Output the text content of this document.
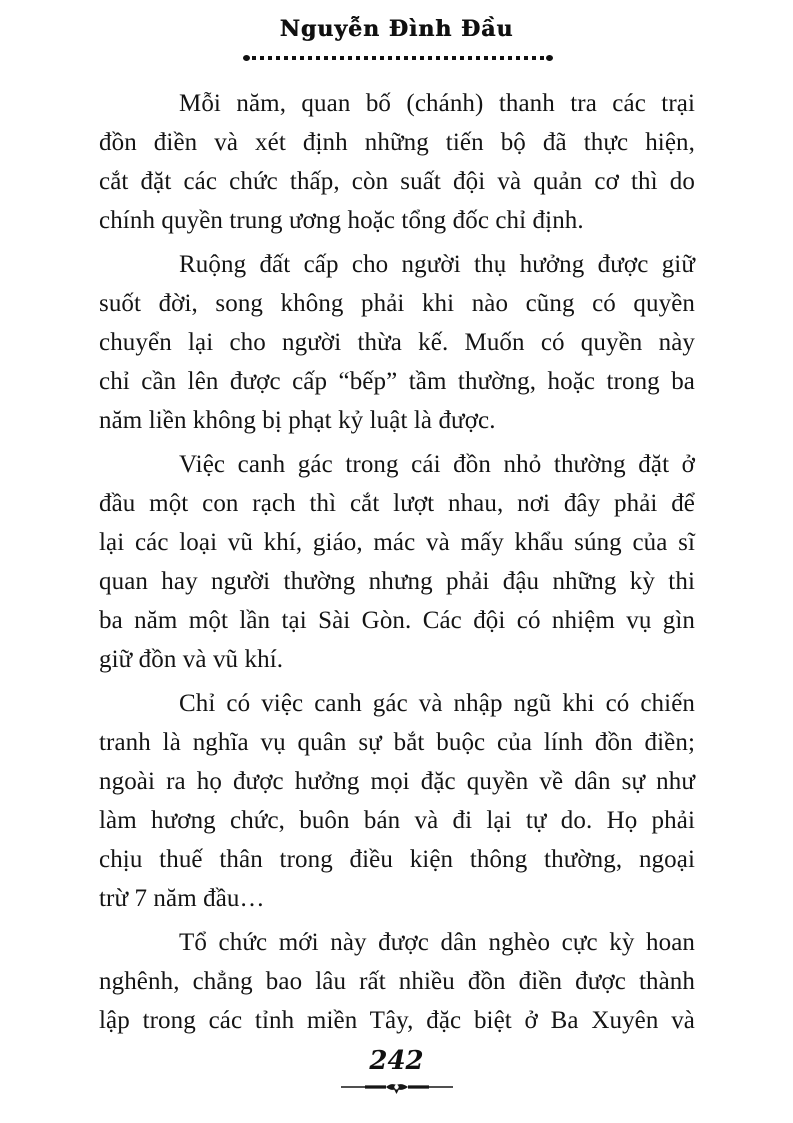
Nguyễn Đình Đầu
Mỗi năm, quan bố (chánh) thanh tra các trại
đồn điền và xét định những tiến bộ đã thực hiện,
cắt đặt các chức thấp, còn suất đội và quản cơ thì do
chính quyền trung ương hoặc tổng đốc chỉ định.
Ruộng đất cấp cho người thụ hưởng được giữ
suốt đời, song không phải khi nào cũng có quyền
chuyển lại cho người thừa kế. Muốn có quyền này
chỉ cần lên được cấp “bếp” tầm thường, hoặc trong ba
năm liền không bị phạt kỷ luật là được.
Việc canh gác trong cái đồn nhỏ thường đặt ở
đầu một con rạch thì cắt lượt nhau, nơi đây phải để
lại các loại vũ khí, giáo, mác và mấy khẩu súng của sĩ
quan hay người thường nhưng phải đậu những kỳ thi
ba năm một lần tại Sài Gòn. Các đội có nhiệm vụ gìn
giữ đồn và vũ khí.
Chỉ có việc canh gác và nhập ngũ khi có chiến
tranh là nghĩa vụ quân sự bắt buộc của lính đồn điền;
ngoài ra họ được hưởng mọi đặc quyền về dân sự như
làm hương chức, buôn bán và đi lại tự do. Họ phải
chịu thuế thân trong điều kiện thông thường, ngoại
trừ 7 năm đầu…
Tổ chức mới này được dân nghèo cực kỳ hoan
nghênh, chẳng bao lâu rất nhiều đồn điền được thành
lập trong các tỉnh miền Tây, đặc biệt ở Ba Xuyên và
242
